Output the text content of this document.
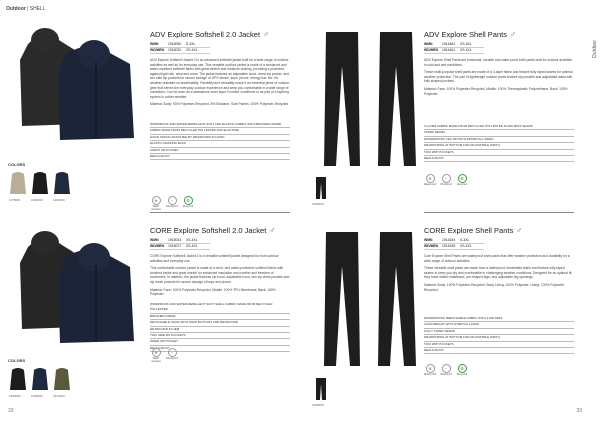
Outdoor | SHELL
ADV Explore Softshell 2.0 Jacket ♂
WMN	1915050	S-3XL
WD/MEN	1915020	XS-4XL

ADV Explore Softshell Jacket 2 is an advanced softshell jacket built for a wide range of outdoor activities as well as for everyday use. This versatile outdoor jacket is made of a windproof and water-repellent softshell fabric with great stretch and moisture wicking, providing a protected against light rain, wind and snow. The jacket features an adjustable hood, chest zip pocket, and two side zip pockets for secure storage of GPS device, keys, phone, energy bar, etc. It's weather-resistant so breathability. Flexibility and versatility make it an essential piece of outdoor gear that serves the everyday outdoor experience and keep you comfortable in a wide range of conditions. Can be worn as a standalone outer layer in milder conditions or as part of a layering system in colder weather.

Material: Body: 93% Polyester-Recycled, 8% Elastane. Side Panels: 100% Polyester-Recycled

WINDPROOF AND WATER-REPELLENT SOFT AND ELASTIC FABRIC WITH BRUSHED INSIDE
FABRIC MADE FROM RECYCLED POLYESTER AND ELASTANE
HOOD TAKING ADJUSTED BY DRAWCORD IN HOOD
ELASTIC DRAPING BACK
CHEST ZIP POCKET
REGULAR FIT
COLORS
1975001	1999000	1966000	≋
Water repellent
~
Windproof
♻
Recycled
CORE Explore Softshell 2.0 Jacket ♂
WMN	1915043	XS-4XL
WD/MEN	1915017	XS-4XL

CORE Explore Softshell Jacket 2 is a versatile softshell jacket designed for both outdoor activities and everyday use.

This comfortable outdoor jacket is made of a wind- and water-protective softshell fabric with brushed inside and great stretch for enhanced insulation and comfort and freedom of movement. In addition, the jacket features zip hood, adjustable hood, two zip chest pockets and zip mesh pockets for secure storage of keys and phone.

Material: Face: 100% Polyester-Recycled, Middle: 100% TPU Membrane, Back: 100% Polyester

WINDPROOF AND WATER-REPELLENT SOFT SHELL FABRIC MADE FROM RECYCLED POLYESTER
BRUSHED INSIDE
DETACHABLE HOOD WITH SNAP BUTTONS AND DRAWCORD
DRAWCORD IN HEM
TWO SIDE ZIP POCKETS
INNER ZIP POCKET
REGULAR FIT
COLORS
1999000	1966000	1644000
≋
Water repellent
~
Windproof
32
Outdoor
ADV Explore Shell Pants ♂
WMN	1914462	XS-3XL
WD/MEN	1914461	XS-4XL

ADV Explore Shell Pants are functional, durable and water-proof shell pants built for outdoor activities in cold and wet conditions.

These multi-purpose shell pants are made of a 3-layer fabric and feature fully taped seams for optimal weather protection. The pair of lightweight outdoor pants feature zip pockets and adjustable waist with fully shaped pockets.

Material: Face: 100% Polyester-Recycled, Middle: 100% Thermoplastic Polyurethane, Back: 100% Polyester

3-LAYER FABRIC MADE FROM RECYCLED POLYESTER 10,000 MM/2 SEAMS
TAPED SEAMS
WATERPROOF LEG ZIP WITH ZIPPER ALL SIDES
DRAWSTRING AT BOTTOM FOR ADJUSTABLE WIDTH
TWO ZIPP POCKETS
REGULAR FIT
1999000
≋
Waterproof
~
Windproof
♻
Recycled
CORE Explore Shell Pants ♂
WMN	1914344	S-3XL
WD/MEN	1914345	XS-4XL

Core Explore Shell Pants are waterproof shell pants that offer weather protection and durability for a wide range of outdoor activities.

These versatile shell pants are made from a waterproof, breathable fabric and feature fully taped seams to keep you dry and comfortable in challenging weather conditions. Designed for an optimal fit, they have elastic waistband, pre-shaped legs, and adjustable leg openings.

Material: Body: 100% Polyester-Recycled, Body Lining: 100% Polyester, Lining: 100% Polyester-Recycled

WATERPROOF BREATHABLE FABRIC WITH 3,000 MM/2
LIGHTWEIGHT WITH STRETCH LINING
FULLY TAPED SEAMS
DRAWSTRING AT BOTTOM FOR ADJUSTABLE WIDTH
TWO ZIPP POCKETS
REGULAR FIT
1999000
≋
Waterproof
~
Windproof
♻
Recycled
33
